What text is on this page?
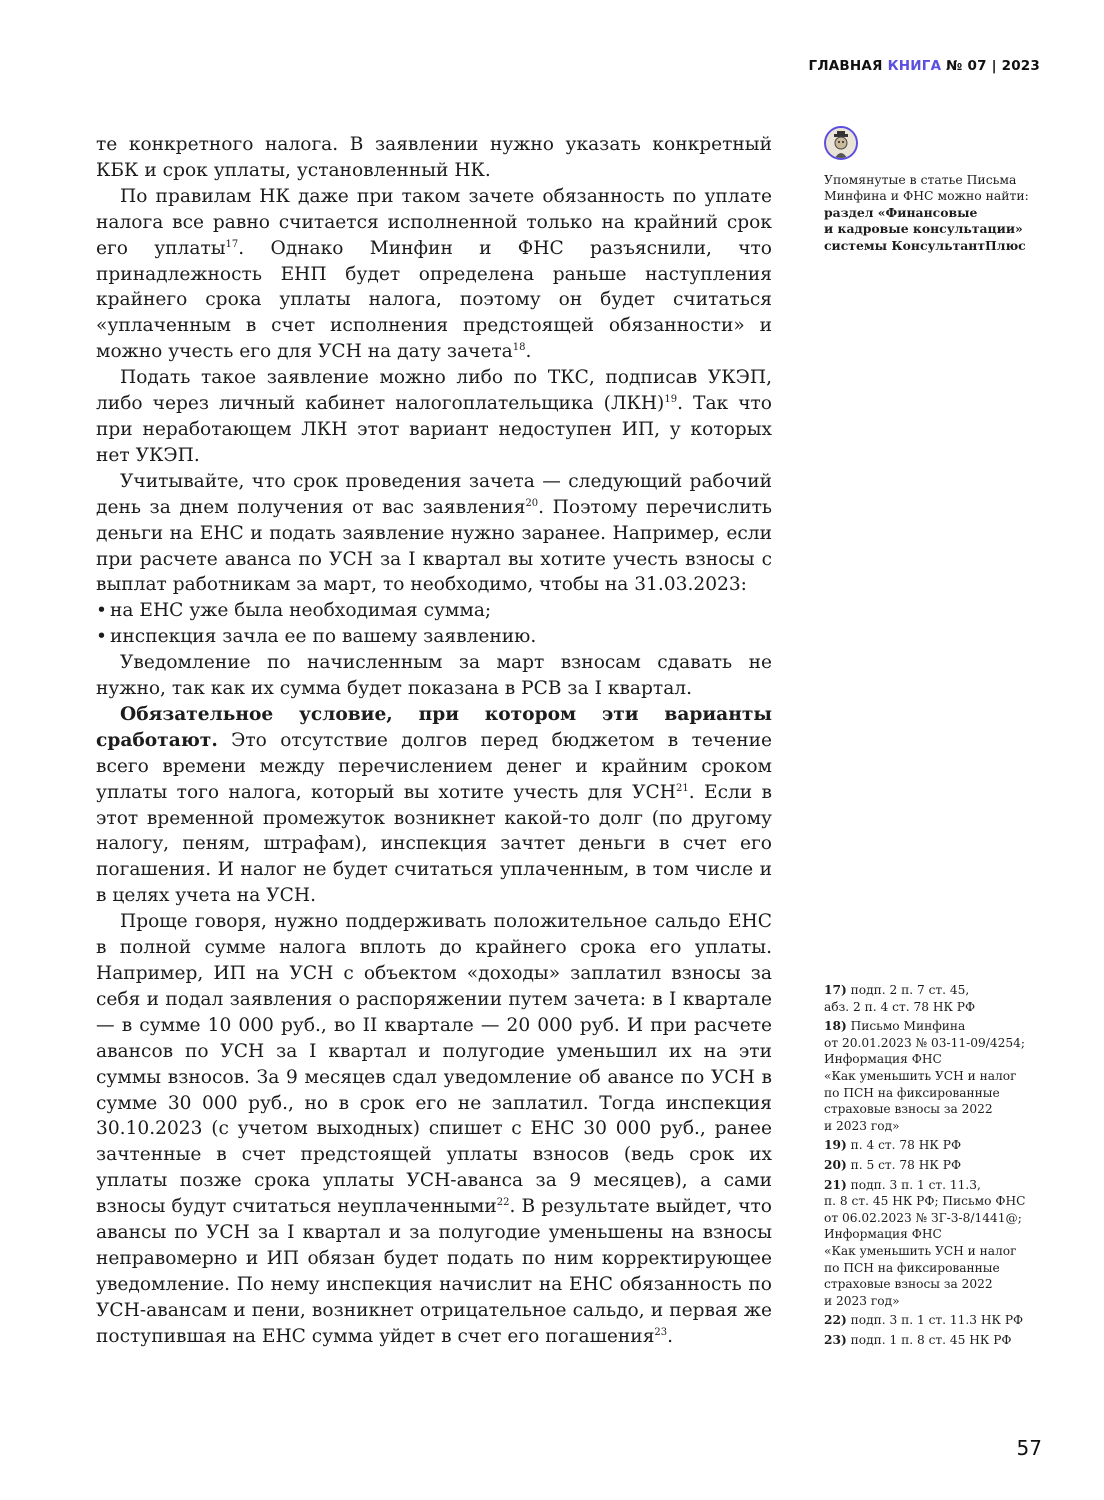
ГЛАВНАЯ КНИГА № 07 | 2023

те конкретного налога. В заявлении нужно указать конкретный КБК и срок уплаты, установленный НК.

По правилам НК даже при таком зачете обязанность по уплате налога все равно считается исполненной только на крайний срок его уплаты$^{17}$. Однако Минфин и ФНС разъяснили, что принадлежность ЕНП будет определена раньше наступления крайнего срока уплаты налога, поэтому он будет считаться «уплаченным в счет исполнения предстоящей обязанности» и можно учесть его для УСН на дату зачета$^{18}$.

Подать такое заявление можно либо по ТКС, подписав УКЭП, либо через личный кабинет налогоплательщика (ЛКН)$^{19}$. Так что при неработающем ЛКН этот вариант недоступен ИП, у которых нет УКЭП.

Учитывайте, что срок проведения зачета — следующий рабочий день за днем получения от вас заявления$^{20}$. Поэтому перечислить деньги на ЕНС и подать заявление нужно заранее. Например, если при расчете аванса по УСН за I квартал вы хотите учесть взносы с выплат работникам за март, то необходимо, чтобы на 31.03.2023:

• на ЕНС уже была необходимая сумма;
• инспекция зачла ее по вашему заявлению.

Уведомление по начисленным за март взносам сдавать не нужно, так как их сумма будет показана в РСВ за I квартал.

Обязательное условие, при котором эти варианты сработают. Это отсутствие долгов перед бюджетом в течение всего времени между перечислением денег и крайним сроком уплаты того налога, который вы хотите учесть для УСН$^{21}$. Если в этот временной промежуток возникнет какой-то долг (по другому налогу, пеням, штрафам), инспекция зачтет деньги в счет его погашения. И налог не будет считаться уплаченным, в том числе и в целях учета на УСН.

Проще говоря, нужно поддерживать положительное сальдо ЕНС в полной сумме налога вплоть до крайнего срока его уплаты. Например, ИП на УСН с объектом «доходы» заплатил взносы за себя и подал заявления о распоряжении путем зачета: в I квартале — в сумме 10 000 руб., во II квартале — 20 000 руб. И при расчете авансов по УСН за I квартал и полугодие уменьшил их на эти суммы взносов. За 9 месяцев сдал уведомление об авансе по УСН в сумме 30 000 руб., но в срок его не заплатил. Тогда инспекция 30.10.2023 (с учетом выходных) спишет с ЕНС 30 000 руб., ранее зачтенные в счет предстоящей уплаты взносов (ведь срок их уплаты позже срока уплаты УСН-аванса за 9 месяцев), а сами взносы будут считаться неуплаченными$^{22}$. В результате выйдет, что авансы по УСН за I квартал и за полугодие уменьшены на взносы неправомерно и ИП обязан будет подать по ним корректирующее уведомление. По нему инспекция начислит на ЕНС обязанность по УСН-авансам и пени, возникнет отрицательное сальдо, и первая же поступившая на ЕНС сумма уйдет в счет его погашения$^{23}$.

Упомянутые в статье Письма
Минфина и ФНС можно найти:
раздел «Финансовые
и кадровые консультации»
системы КонсультантПлюс
17) подп. 2 п. 7 ст. 45,
абз. 2 п. 4 ст. 78 НК РФ
18) Письмо Минфина
от 20.01.2023 № 03-11-09/4254;
Информация ФНС
«Как уменьшить УСН и налог
по ПСН на фиксированные
страховые взносы за 2022
и 2023 год»
19) п. 4 ст. 78 НК РФ
20) п. 5 ст. 78 НК РФ
21) подп. 3 п. 1 ст. 11.3,
п. 8 ст. 45 НК РФ; Письмо ФНС
от 06.02.2023 № ЗГ-3-8/1441@;
Информация ФНС
«Как уменьшить УСН и налог
по ПСН на фиксированные
страховые взносы за 2022
и 2023 год»
22) подп. 3 п. 1 ст. 11.3 НК РФ
23) подп. 1 п. 8 ст. 45 НК РФ
57
